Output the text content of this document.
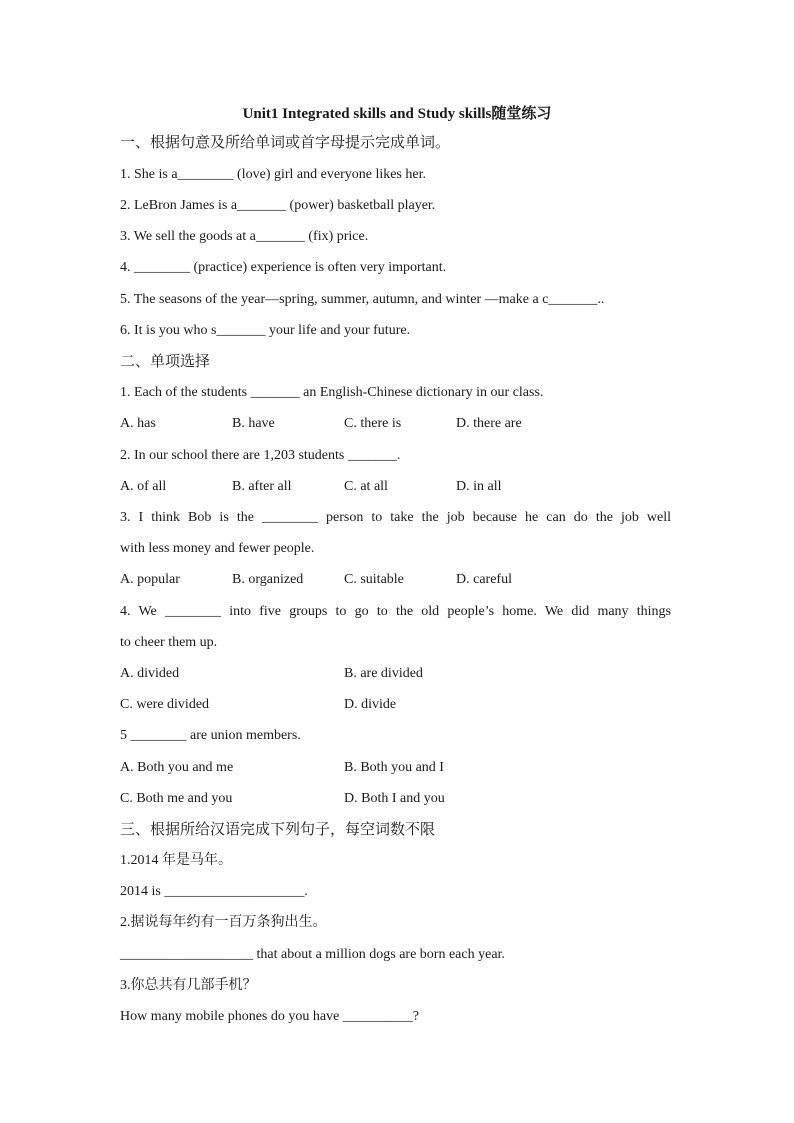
Unit1 Integrated skills and Study skills随堂练习
一、根据句意及所给单词或首字母提示完成单词。
1. She is a________ (love) girl and everyone likes her.
2. LeBron James is a_______ (power) basketball player.
3. We sell the goods at a_______ (fix) price.
4. ________ (practice) experience is often very important.
5. The seasons of the year—spring, summer, autumn, and winter —make a c_______..
6. It is you who s_______ your life and your future.
二、单项选择
1. Each of the students _______ an English-Chinese dictionary in our class.
A. has	B. have	C. there is	D. there are
2. In our school there are 1,203 students _______.
A. of all	B. after all	C. at all	D. in all
3. I think Bob is the ________ person to take the job because he can do the job well
with less money and fewer people.
A. popular	B. organized	C. suitable	D. careful
4. We ________ into five groups to go to the old people’s home. We did many things
to cheer them up.
A. divided	B. are divided
C. were divided	D. divide
5 ________ are union members.
A. Both you and me	B. Both you and I
C. Both me and you	D. Both I and you
三、根据所给汉语完成下列句子，每空词数不限
1.2014 年是马年。
2014 is ____________________.
2.据说每年约有一百万条狗出生。
___________________ that about a million dogs are born each year.
3.你总共有几部手机？
How many mobile phones do you have __________?
